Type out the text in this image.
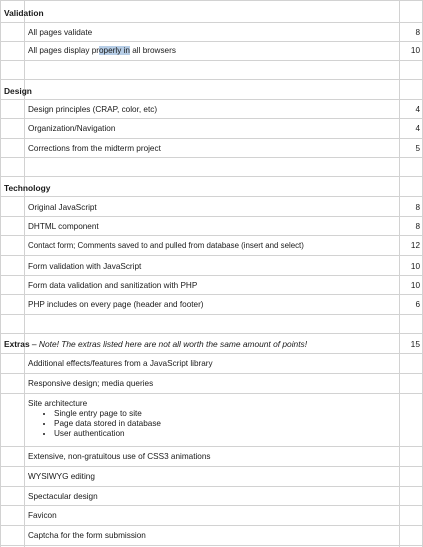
Validation
All pages validate	8
All pages display properly in all browsers	10
Design
Design principles (CRAP, color, etc)	4
Organization/Navigation	4
Corrections from the midterm project	5
Technology
Original JavaScript	8
DHTML component	8
Contact form; Comments saved to and pulled from database (insert and select)	12
Form validation with JavaScript	10
Form data validation and sanitization with PHP	10
PHP includes on every page (header and footer)	6
Extras – Note! The extras listed here are not all worth the same amount of points!	15
Additional effects/features from a JavaScript library
Responsive design; media queries
Site architecture
• Single entry page to site
• Page data stored in database
• User authentication
Extensive, non-gratuitous use of CSS3 animations
WYSIWYG editing
Spectacular design
Favicon
Captcha for the form submission
